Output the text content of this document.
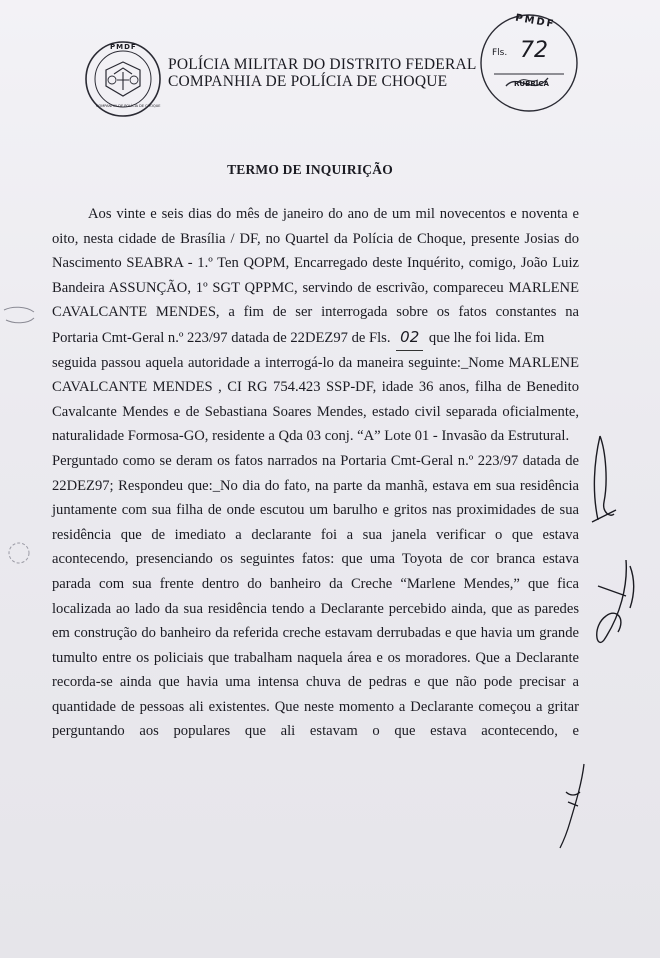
PMDF
COMPANHIA DE POLÍCIA DE CHOQUE
POLÍCIA MILITAR DO DISTRITO FEDERAL
COMPANHIA DE POLÍCIA DE CHOQUE
PMDF
Fls. 72
RUBRICA
TERMO DE INQUIRIÇÃO
Aos vinte e seis dias do mês de janeiro do ano de um mil novecentos e noventa e
oito, nesta cidade de Brasília / DF, no Quartel da Polícia de Choque, presente Josias do
Nascimento SEABRA - 1.º Ten QOPM, Encarregado deste Inquérito, comigo, João Luiz
Bandeira ASSUNÇÃO, 1º SGT QPPMC, servindo de escrivão, compareceu MARLENE
CAVALCANTE MENDES, a fim de ser interrogada sobre os fatos constantes na
Portaria Cmt-Geral n.º 223/97 datada de 22DEZ97 de Fls. 02 que lhe foi lida. Em
seguida passou aquela autoridade a interrogá-lo da maneira seguinte:_Nome MARLENE
CAVALCANTE MENDES , CI RG 754.423 SSP-DF, idade 36 anos, filha de Benedito
Cavalcante Mendes e de Sebastiana Soares Mendes, estado civil separada oficialmente,
naturalidade Formosa-GO, residente a Qda 03 conj. “A” Lote 01 - Invasão da Estrutural.
Perguntado como se deram os fatos narrados na Portaria Cmt-Geral n.º 223/97 datada de
22DEZ97; Respondeu que:_No dia do fato, na parte da manhã, estava em sua residência
juntamente com sua filha de onde escutou um barulho e gritos nas proximidades de sua
residência que de imediato a declarante foi a sua janela verificar o que estava
acontecendo, presenciando os seguintes fatos: que uma Toyota de cor branca estava
parada com sua frente dentro do banheiro da Creche “Marlene Mendes,” que fica
localizada ao lado da sua residência tendo a Declarante percebido ainda, que as paredes
em construção do banheiro da referida creche estavam derrubadas e que havia um grande
tumulto entre os policiais que trabalham naquela área e os moradores. Que a Declarante
recorda-se ainda que havia uma intensa chuva de pedras e que não pode precisar a
quantidade de pessoas ali existentes. Que neste momento a Declarante começou a gritar
perguntando aos populares que ali estavam o que estava acontecendo, e
